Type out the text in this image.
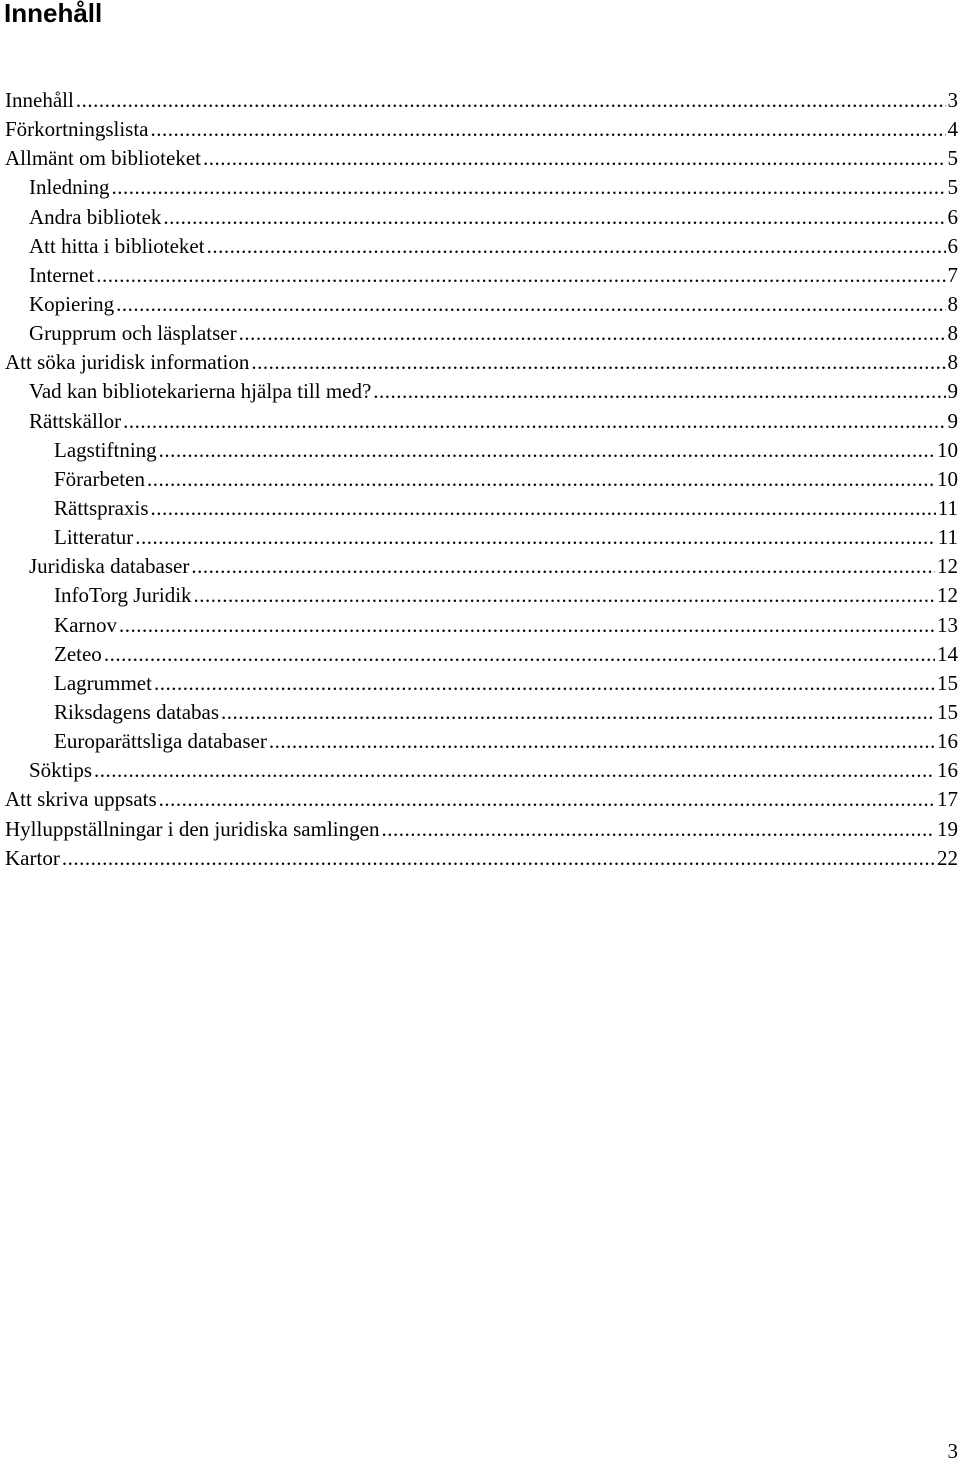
Innehåll
Innehåll .....	3
Förkortningslista .....	4
Allmänt om biblioteket .....	5
Inledning .....	5
Andra bibliotek .....	6
Att hitta i biblioteket .....	6
Internet .....	7
Kopiering .....	8
Grupprum och läsplatser .....	8
Att söka juridisk information .....	8
Vad kan bibliotekarierna hjälpa till med? .....	9
Rättskällor .....	9
Lagstiftning .....	10
Förarbeten .....	10
Rättspraxis .....	11
Litteratur .....	11
Juridiska databaser .....	12
InfoTorg Juridik .....	12
Karnov .....	13
Zeteo .....	14
Lagrummet .....	15
Riksdagens databas .....	15
Europarättsliga databaser .....	16
Söktips .....	16
Att skriva uppsats .....	17
Hylluppställningar i den juridiska samlingen .....	19
Kartor .....	22
3
